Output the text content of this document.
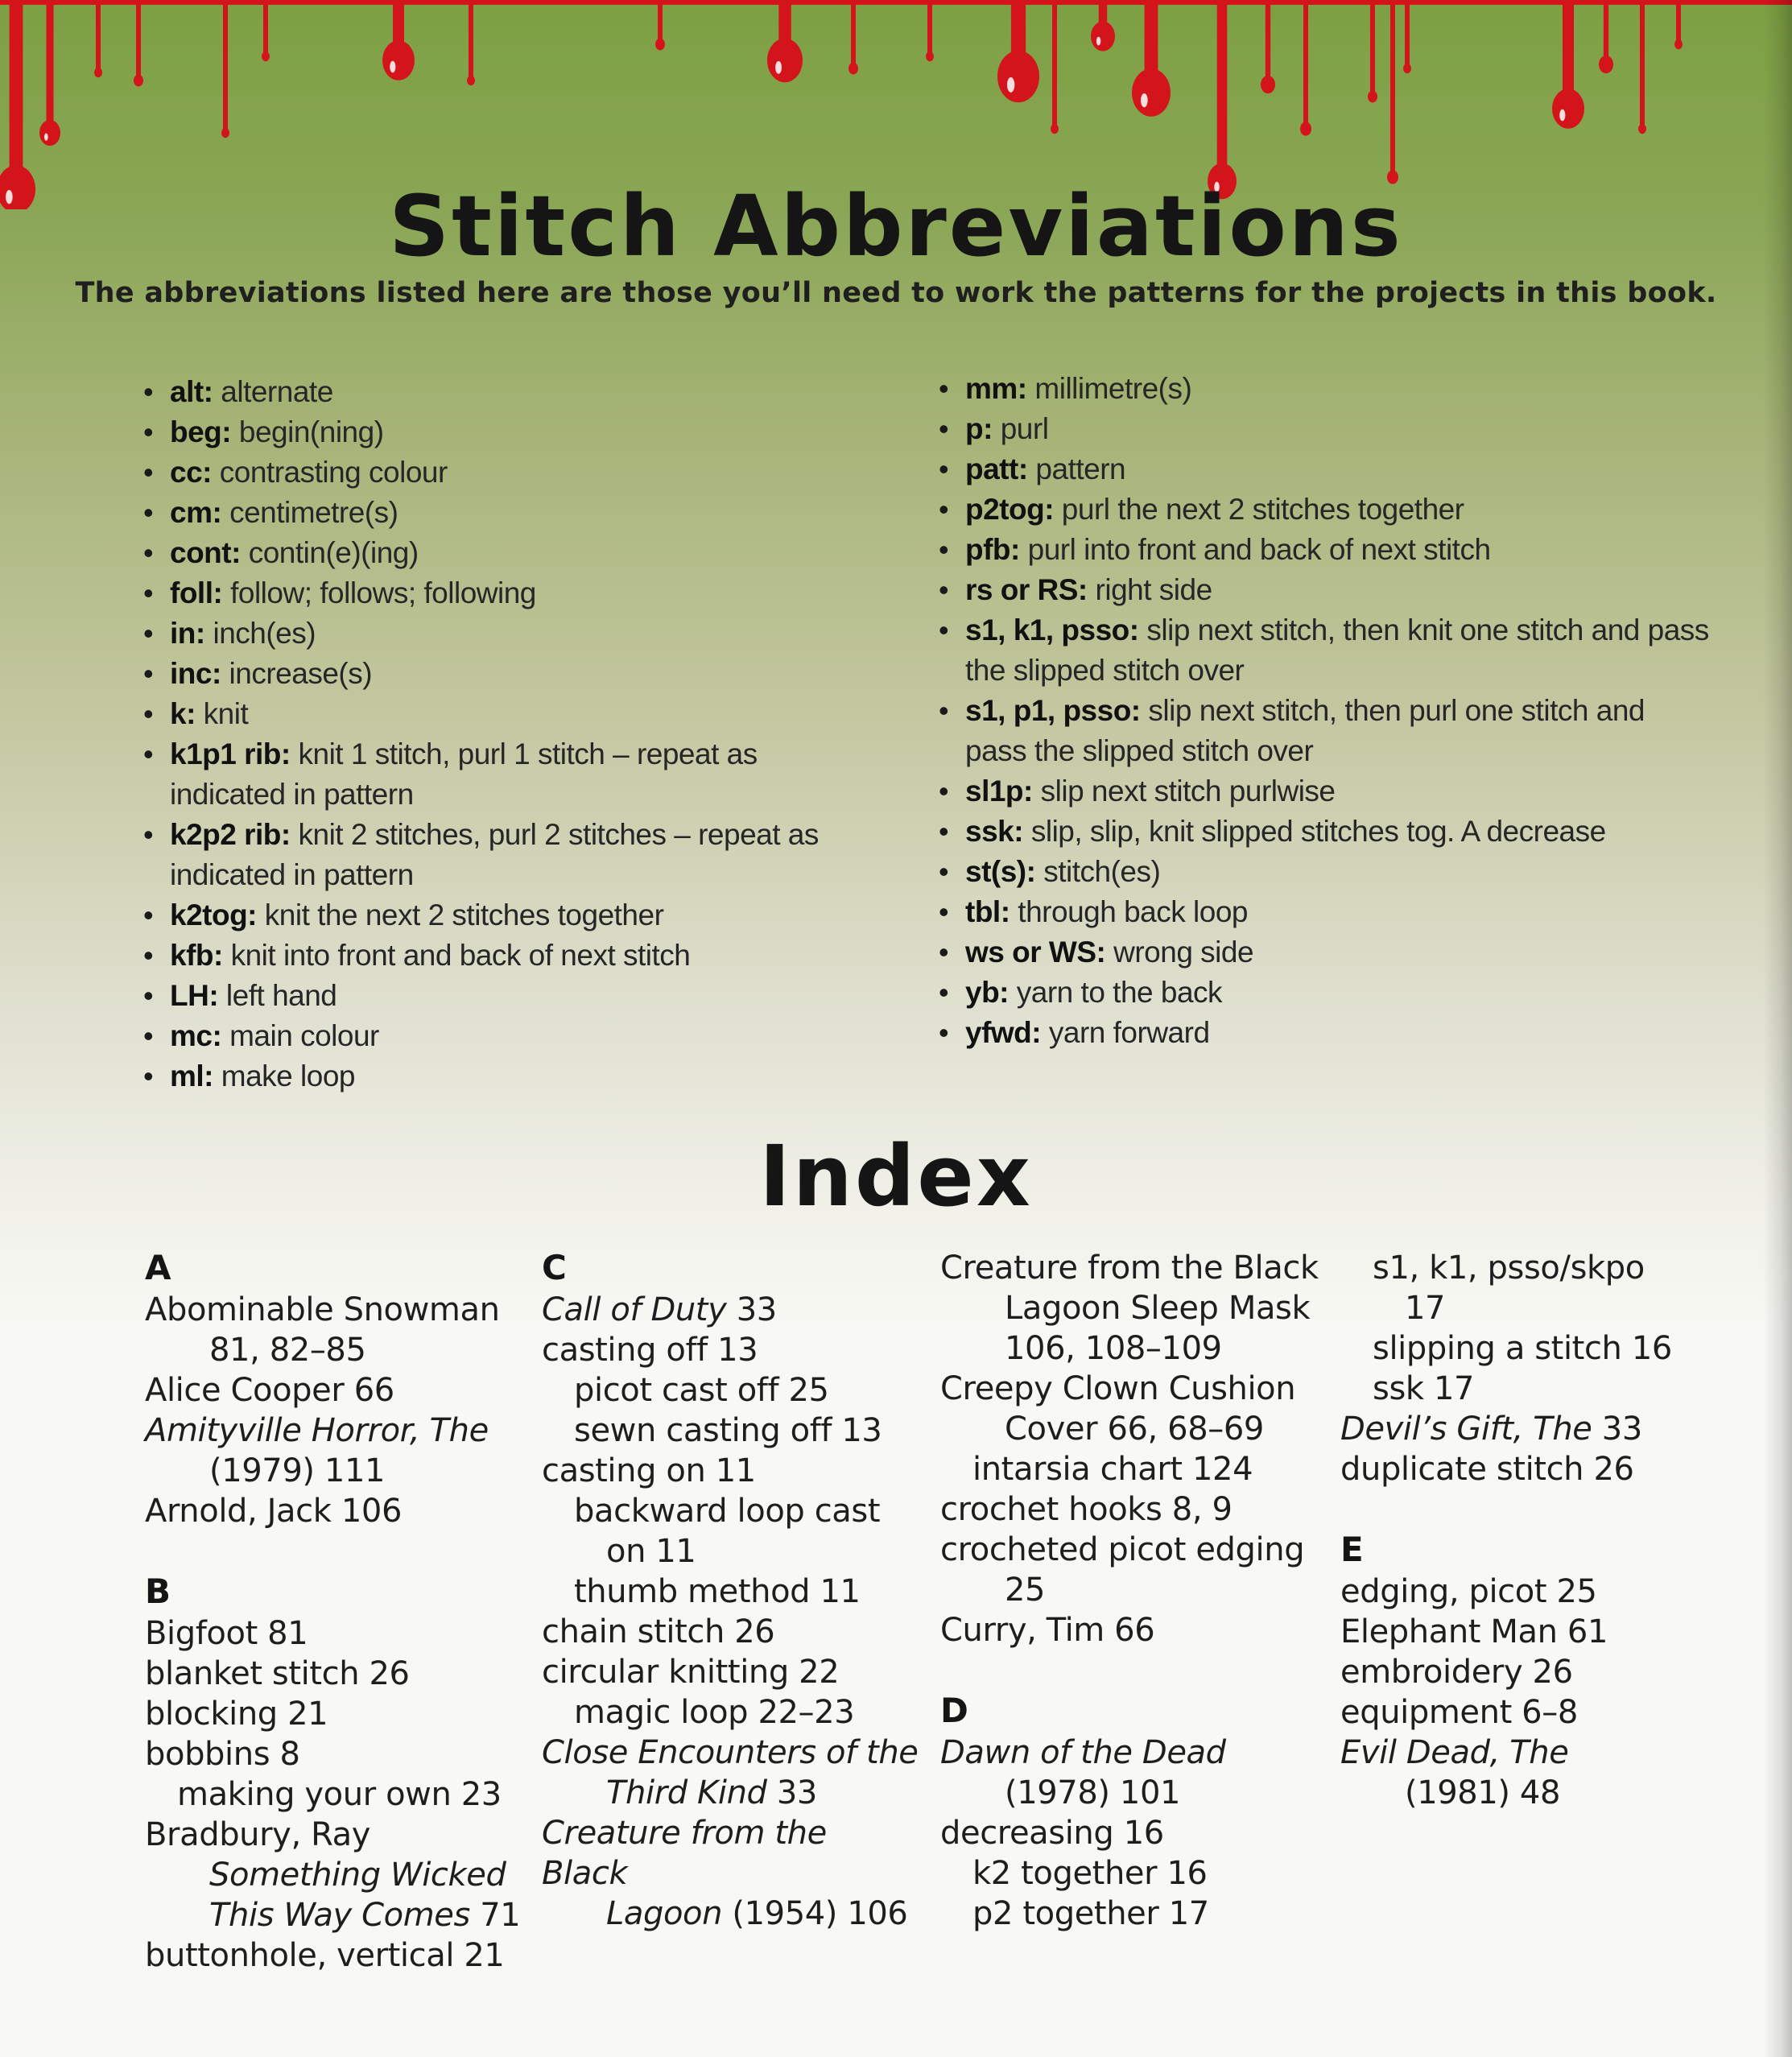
Stitch Abbreviations

The abbreviations listed here are those you’ll need to work the patterns for the projects in this book.

• alt: alternate
• beg: begin(ning)
• cc: contrasting colour
• cm: centimetre(s)
• cont: contin(e)(ing)
• foll: follow; follows; following
• in: inch(es)
• inc: increase(s)
• k: knit
• k1p1 rib: knit 1 stitch, purl 1 stitch – repeat as indicated in pattern
• k2p2 rib: knit 2 stitches, purl 2 stitches – repeat as indicated in pattern
• k2tog: knit the next 2 stitches together
• kfb: knit into front and back of next stitch
• LH: left hand
• mc: main colour
• ml: make loop
• mm: millimetre(s)
• p: purl
• patt: pattern
• p2tog: purl the next 2 stitches together
• pfb: purl into front and back of next stitch
• rs or RS: right side
• s1, k1, psso: slip next stitch, then knit one stitch and pass the slipped stitch over
• s1, p1, psso: slip next stitch, then purl one stitch and pass the slipped stitch over
• sl1p: slip next stitch purlwise
• ssk: slip, slip, knit slipped stitches tog. A decrease
• st(s): stitch(es)
• tbl: through back loop
• ws or WS: wrong side
• yb: yarn to the back
• yfwd: yarn forward
Index
A
Abominable Snowman
81, 82–85
Alice Cooper 66
Amityville Horror, The
(1979) 111
Arnold, Jack 106
B
Bigfoot 81
blanket stitch 26
blocking 21
bobbins 8
making your own 23
Bradbury, Ray
Something Wicked
This Way Comes 71
buttonhole, vertical 21
C
Call of Duty 33
casting off 13
picot cast off 25
sewn casting off 13
casting on 11
backward loop cast
on 11
thumb method 11
chain stitch 26
circular knitting 22
magic loop 22–23
Close Encounters of the
Third Kind 33
Creature from the Black
Lagoon (1954) 106
Creature from the Black
Lagoon Sleep Mask
106, 108–109
Creepy Clown Cushion
Cover 66, 68–69
intarsia chart 124
crochet hooks 8, 9
crocheted picot edging
25
Curry, Tim 66
D
Dawn of the Dead
(1978) 101
decreasing 16
k2 together 16
p2 together 17
s1, k1, psso/skpo
17
slipping a stitch 16
ssk 17
Devil’s Gift, The 33
duplicate stitch 26
E
edging, picot 25
Elephant Man 61
embroidery 26
equipment 6–8
Evil Dead, The
(1981) 48
